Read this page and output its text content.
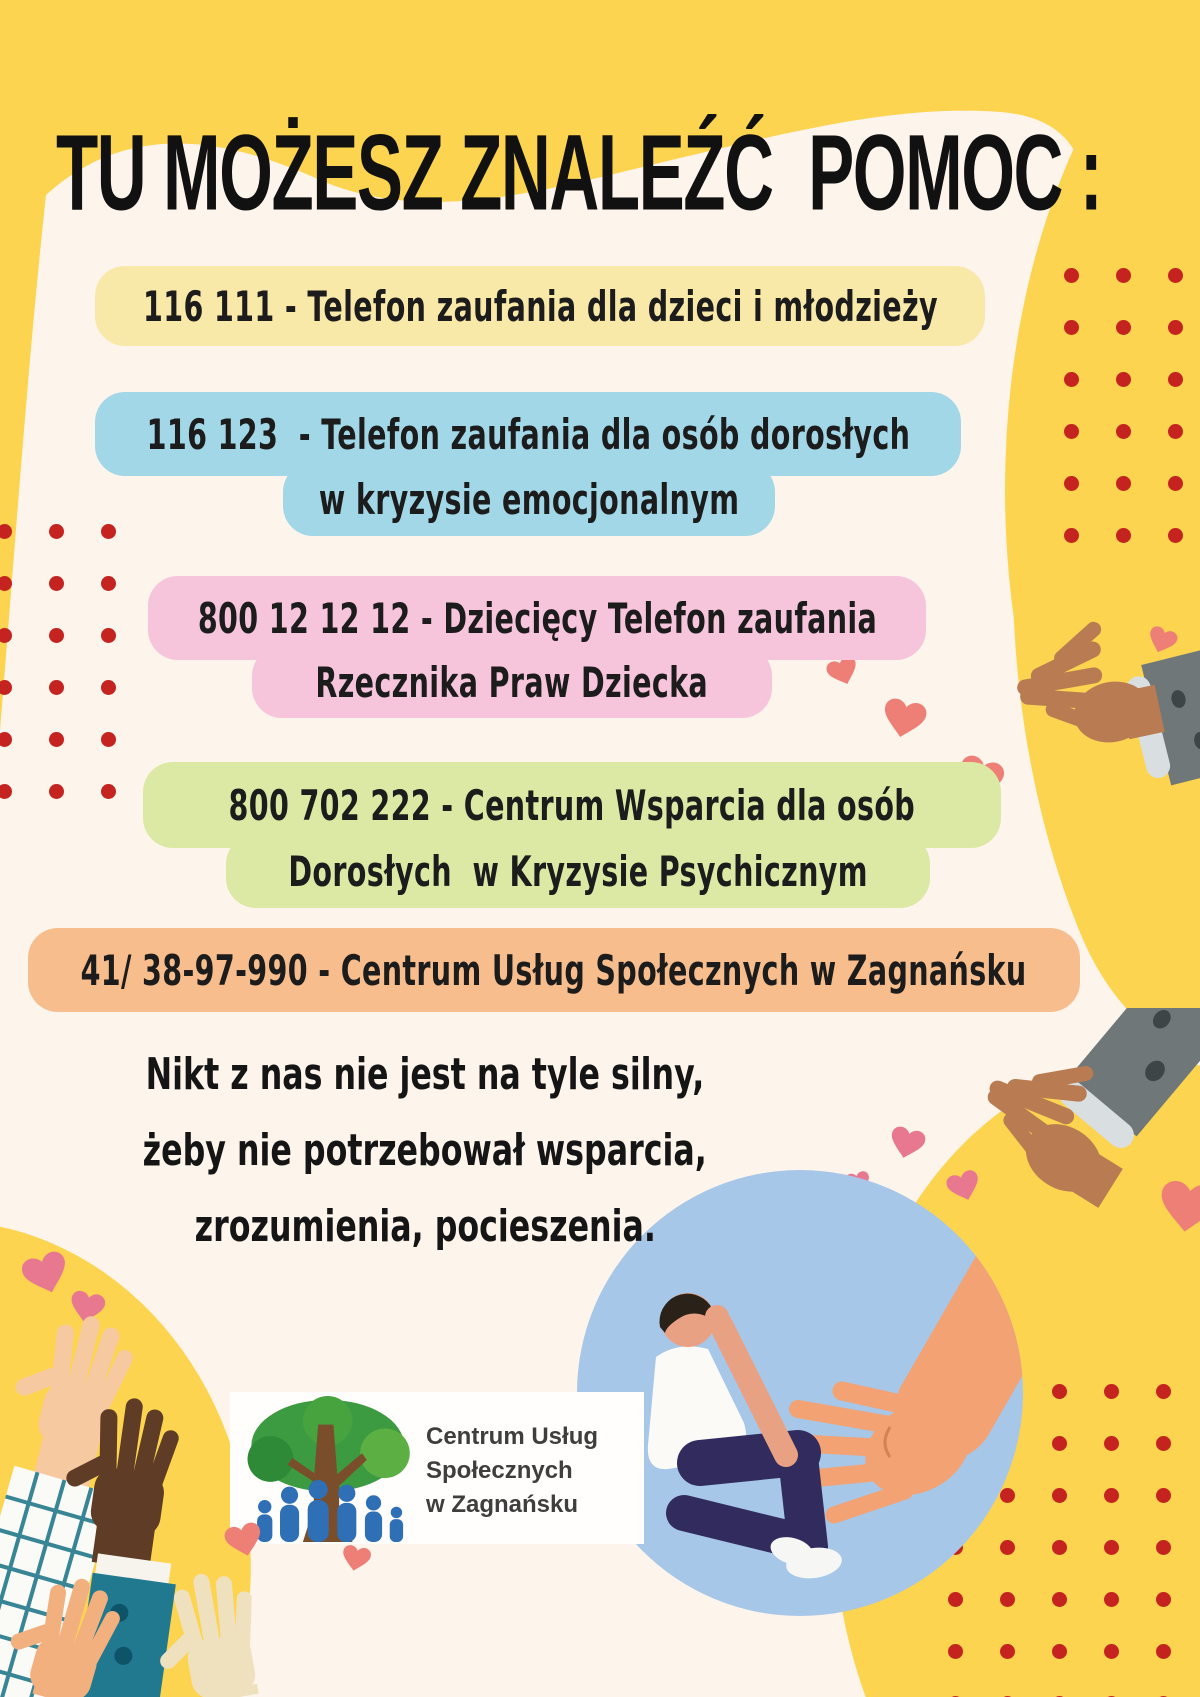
TU MOŻESZ ZNALEŹĆ  POMOC :
116 111 - Telefon zaufania dla dzieci i młodzieży
116 123  - Telefon zaufania dla osób dorosłych
w kryzysie emocjonalnym
800 12 12 12 - Dziecięcy Telefon zaufania
Rzecznika Praw Dziecka
800 702 222 - Centrum Wsparcia dla osób
Dorosłych  w Kryzysie Psychicznym
41/ 38-97-990 - Centrum Usług Społecznych w Zagnańsku
Nikt z nas nie jest na tyle silny,
żeby nie potrzebował wsparcia,
zrozumienia, pocieszenia.
Centrum Usług
Społecznych
w Zagnańsku
